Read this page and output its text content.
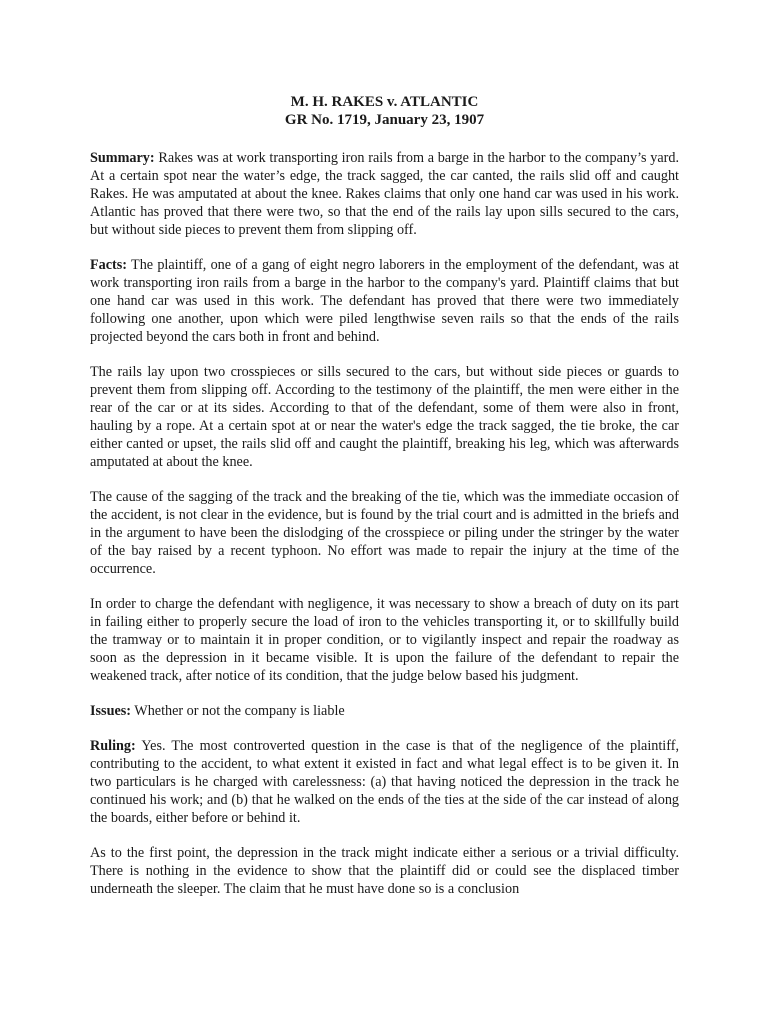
M. H. RAKES v. ATLANTIC
GR No. 1719, January 23, 1907

Summary: Rakes was at work transporting iron rails from a barge in the harbor to the company’s yard. At a certain spot near the water’s edge, the track sagged, the car canted, the rails slid off and caught Rakes. He was amputated at about the knee. Rakes claims that only one hand car was used in his work. Atlantic has proved that there were two, so that the end of the rails lay upon sills secured to the cars, but without side pieces to prevent them from slipping off.

Facts: The plaintiff, one of a gang of eight negro laborers in the employment of the defendant, was at work transporting iron rails from a barge in the harbor to the company's yard. Plaintiff claims that but one hand car was used in this work. The defendant has proved that there were two immediately following one another, upon which were piled lengthwise seven rails so that the ends of the rails projected beyond the cars both in front and behind.

The rails lay upon two crosspieces or sills secured to the cars, but without side pieces or guards to prevent them from slipping off. According to the testimony of the plaintiff, the men were either in the rear of the car or at its sides. According to that of the defendant, some of them were also in front, hauling by a rope. At a certain spot at or near the water's edge the track sagged, the tie broke, the car either canted or upset, the rails slid off and caught the plaintiff, breaking his leg, which was afterwards amputated at about the knee.

The cause of the sagging of the track and the breaking of the tie, which was the immediate occasion of the accident, is not clear in the evidence, but is found by the trial court and is admitted in the briefs and in the argument to have been the dislodging of the crosspiece or piling under the stringer by the water of the bay raised by a recent typhoon. No effort was made to repair the injury at the time of the occurrence.

In order to charge the defendant with negligence, it was necessary to show a breach of duty on its part in failing either to properly secure the load of iron to the vehicles transporting it, or to skillfully build the tramway or to maintain it in proper condition, or to vigilantly inspect and repair the roadway as soon as the depression in it became visible. It is upon the failure of the defendant to repair the weakened track, after notice of its condition, that the judge below based his judgment.

Issues: Whether or not the company is liable

Ruling: Yes. The most controverted question in the case is that of the negligence of the plaintiff, contributing to the accident, to what extent it existed in fact and what legal effect is to be given it. In two particulars is he charged with carelessness: (a) that having noticed the depression in the track he continued his work; and (b) that he walked on the ends of the ties at the side of the car instead of along the boards, either before or behind it.

As to the first point, the depression in the track might indicate either a serious or a trivial difficulty. There is nothing in the evidence to show that the plaintiff did or could see the displaced timber underneath the sleeper. The claim that he must have done so is a conclusion
